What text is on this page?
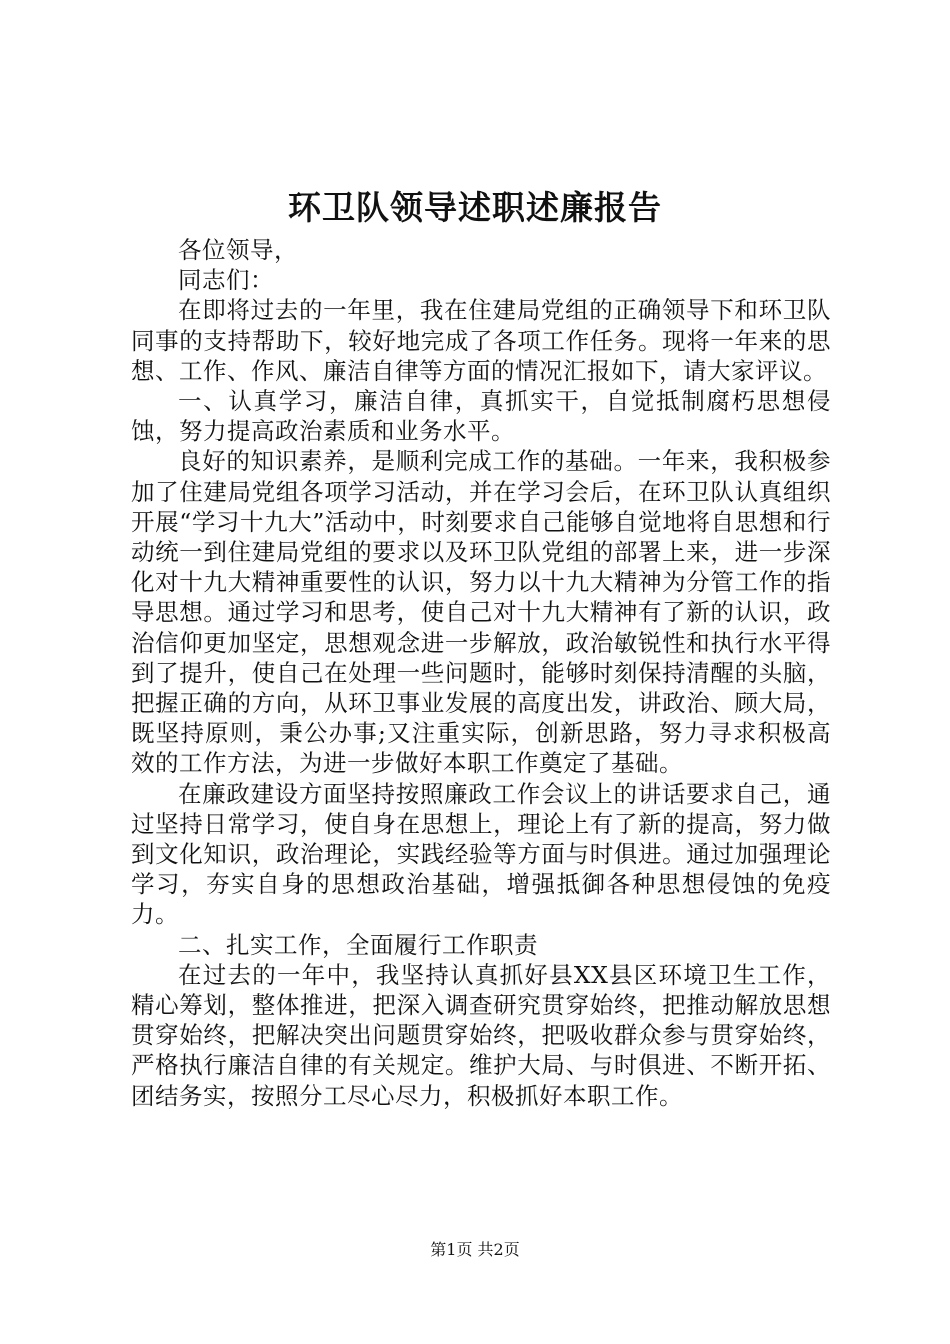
环卫队领导述职述廉报告

各位领导，

同志们：

在即将过去的一年里，我在住建局党组的正确领导下和环卫队同事的支持帮助下，较好地完成了各项工作任务。现将一年来的思想、工作、作风、廉洁自律等方面的情况汇报如下，请大家评议。

一、认真学习，廉洁自律，真抓实干，自觉抵制腐朽思想侵蚀，努力提高政治素质和业务水平。

良好的知识素养，是顺利完成工作的基础。一年来，我积极参加了住建局党组各项学习活动，并在学习会后，在环卫队认真组织开展“学习十九大”活动中，时刻要求自己能够自觉地将自思想和行动统一到住建局党组的要求以及环卫队党组的部署上来，进一步深化对十九大精神重要性的认识，努力以十九大精神为分管工作的指导思想。通过学习和思考，使自己对十九大精神有了新的认识，政治信仰更加坚定，思想观念进一步解放，政治敏锐性和执行水平得到了提升，使自己在处理一些问题时，能够时刻保持清醒的头脑，把握正确的方向，从环卫事业发展的高度出发，讲政治、顾大局，既坚持原则，秉公办事;又注重实际，创新思路，努力寻求积极高效的工作方法，为进一步做好本职工作奠定了基础。

在廉政建设方面坚持按照廉政工作会议上的讲话要求自己，通过坚持日常学习，使自身在思想上，理论上有了新的提高，努力做到文化知识，政治理论，实践经验等方面与时俱进。通过加强理论学习，夯实自身的思想政治基础，增强抵御各种思想侵蚀的免疫力。

二、扎实工作，全面履行工作职责

在过去的一年中，我坚持认真抓好县XX县区环境卫生工作，精心筹划，整体推进，把深入调查研究贯穿始终，把推动解放思想贯穿始终，把解决突出问题贯穿始终，把吸收群众参与贯穿始终，严格执行廉洁自律的有关规定。维护大局、与时俱进、不断开拓、团结务实，按照分工尽心尽力，积极抓好本职工作。

第1页 共2页
